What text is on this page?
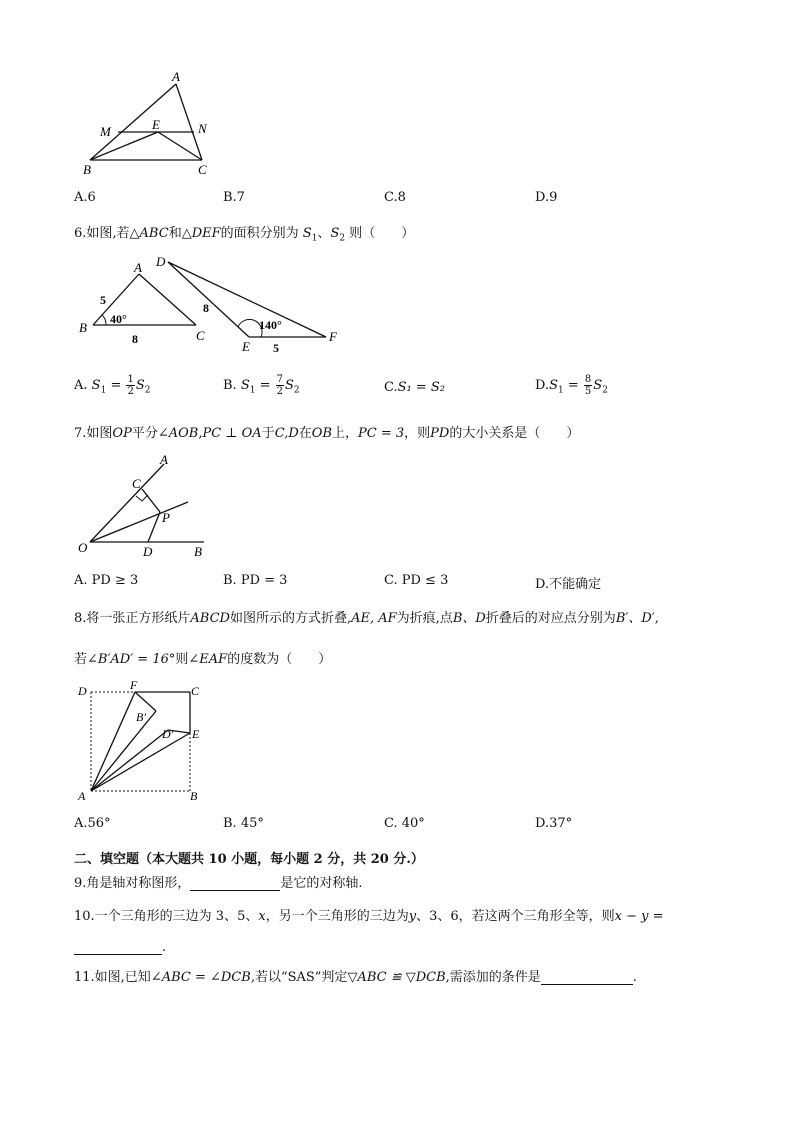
A
M	E	N
B	C
A.6	B.7	C.8	D.9
6.如图,若△ABC和△DEF的面积分别为 $S_1$、$S_2$ 则（　　）
A
B
C
5
8
40°
D
E
F
8
5
140°
A. $S_1 = \frac{1}{2} S_2$	B. $S_1 = \frac{7}{2} S_2$	C.S₁ = S₂	$D.S_1 = \frac{8}{5} S_2$
7.如图OP平分∠AOB,PC ⊥ OA于C,D在OB上，PC = 3，则PD的大小关系是（　　）
A
C
P
O	D	B
A. PD ≥ 3	B. PD = 3	C. PD ≤ 3	D.不能确定
8.将一张正方形纸片ABCD如图所示的方式折叠,AE, AF为折痕,点B、D折叠后的对应点分别为B′、D′,
若∠B′AD′ = 16°则∠EAF的度数为（　　）
D	F	C
B′
D′ E
A	B
A.56°	B. 45°	C. 40°	D.37°
二、填空题（本大题共 10 小题，每小题 2 分，共 20 分.）
9.角是轴对称图形，	是它的对称轴.
10.一个三角形的三边为 3、5、x，另一个三角形的三边为y、3、6，若这两个三角形全等，则x − y =
.
11.如图,已知∠ABC = ∠DCB,若以“SAS”判定▽ABC ≌ ▽DCB,需添加的条件是	.
